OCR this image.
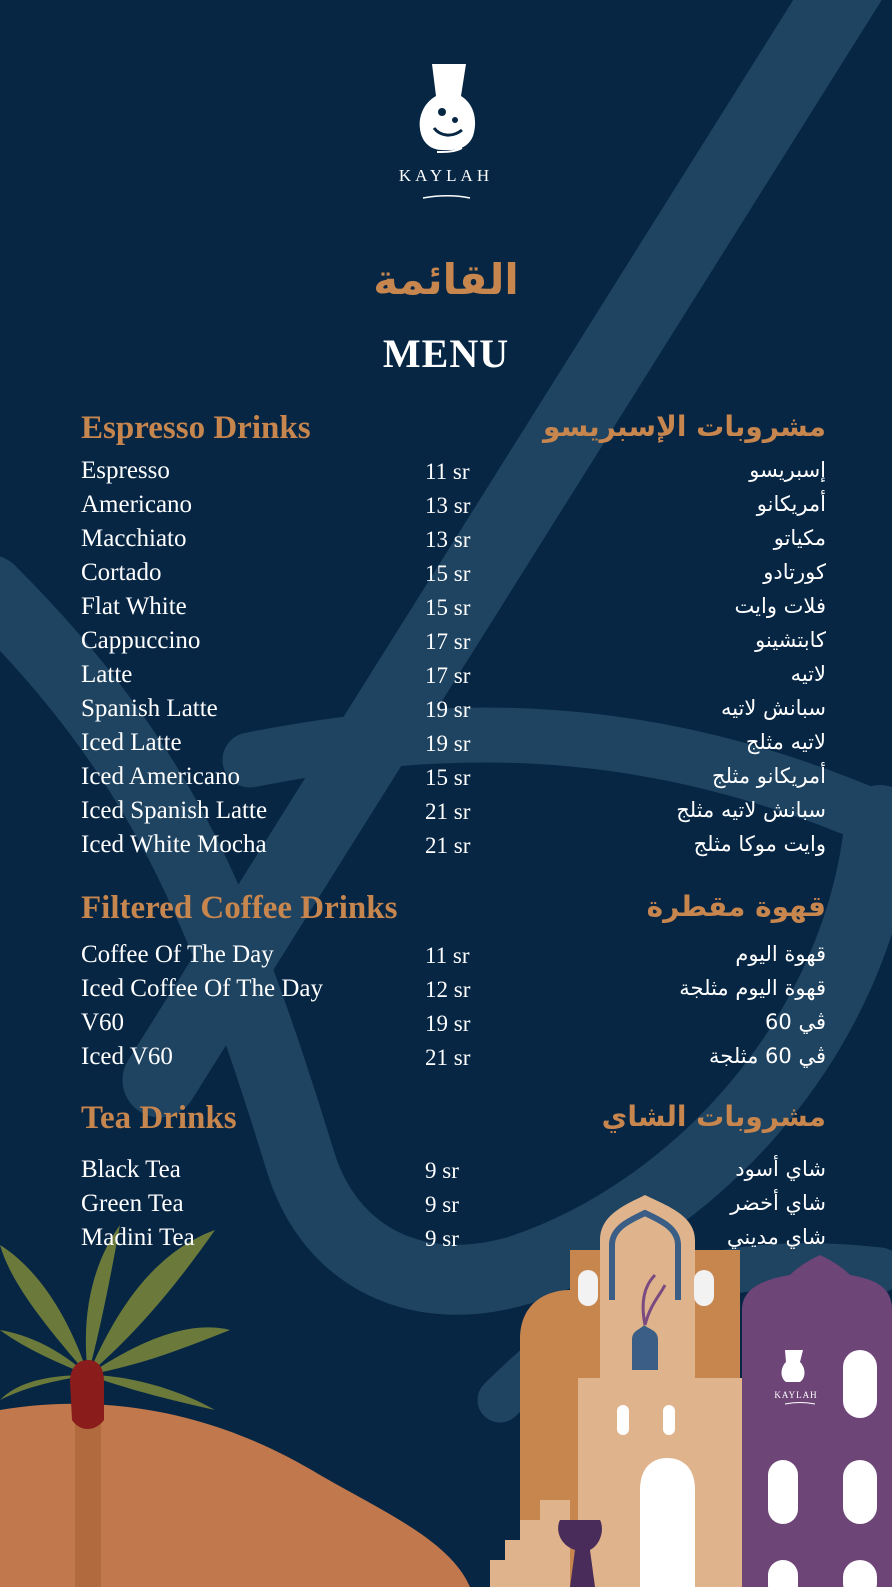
KAYLAH
KAYLAH
القائمة
MENU
Espresso Drinks	مشروبات الإسبريسو
Espresso	11 sr	إسبريسو
Americano	13 sr	أمريكانو
Macchiato	13 sr	مكياتو
Cortado	15 sr	كورتادو
Flat White	15 sr	فلات وايت
Cappuccino	17 sr	كابتشينو
Latte	17 sr	لاتيه
Spanish Latte	19 sr	سبانش لاتيه
Iced Latte	19 sr	لاتيه مثلج
Iced Americano	15 sr	أمريكانو مثلج
Iced Spanish Latte	21 sr	سبانش لاتيه مثلج
Iced White Mocha	21 sr	وايت موكا مثلج
Filtered Coffee Drinks	قهوة مقطرة
Coffee Of The Day	11 sr	قهوة اليوم
Iced Coffee Of The Day	12 sr	قهوة اليوم مثلجة
V60	19 sr	ڤي 60
Iced V60	21 sr	ڤي 60 مثلجة
Tea Drinks	مشروبات الشاي
Black Tea	9 sr	شاي أسود
Green Tea	9 sr	شاي أخضر
Madini Tea	9 sr	شاي مديني
